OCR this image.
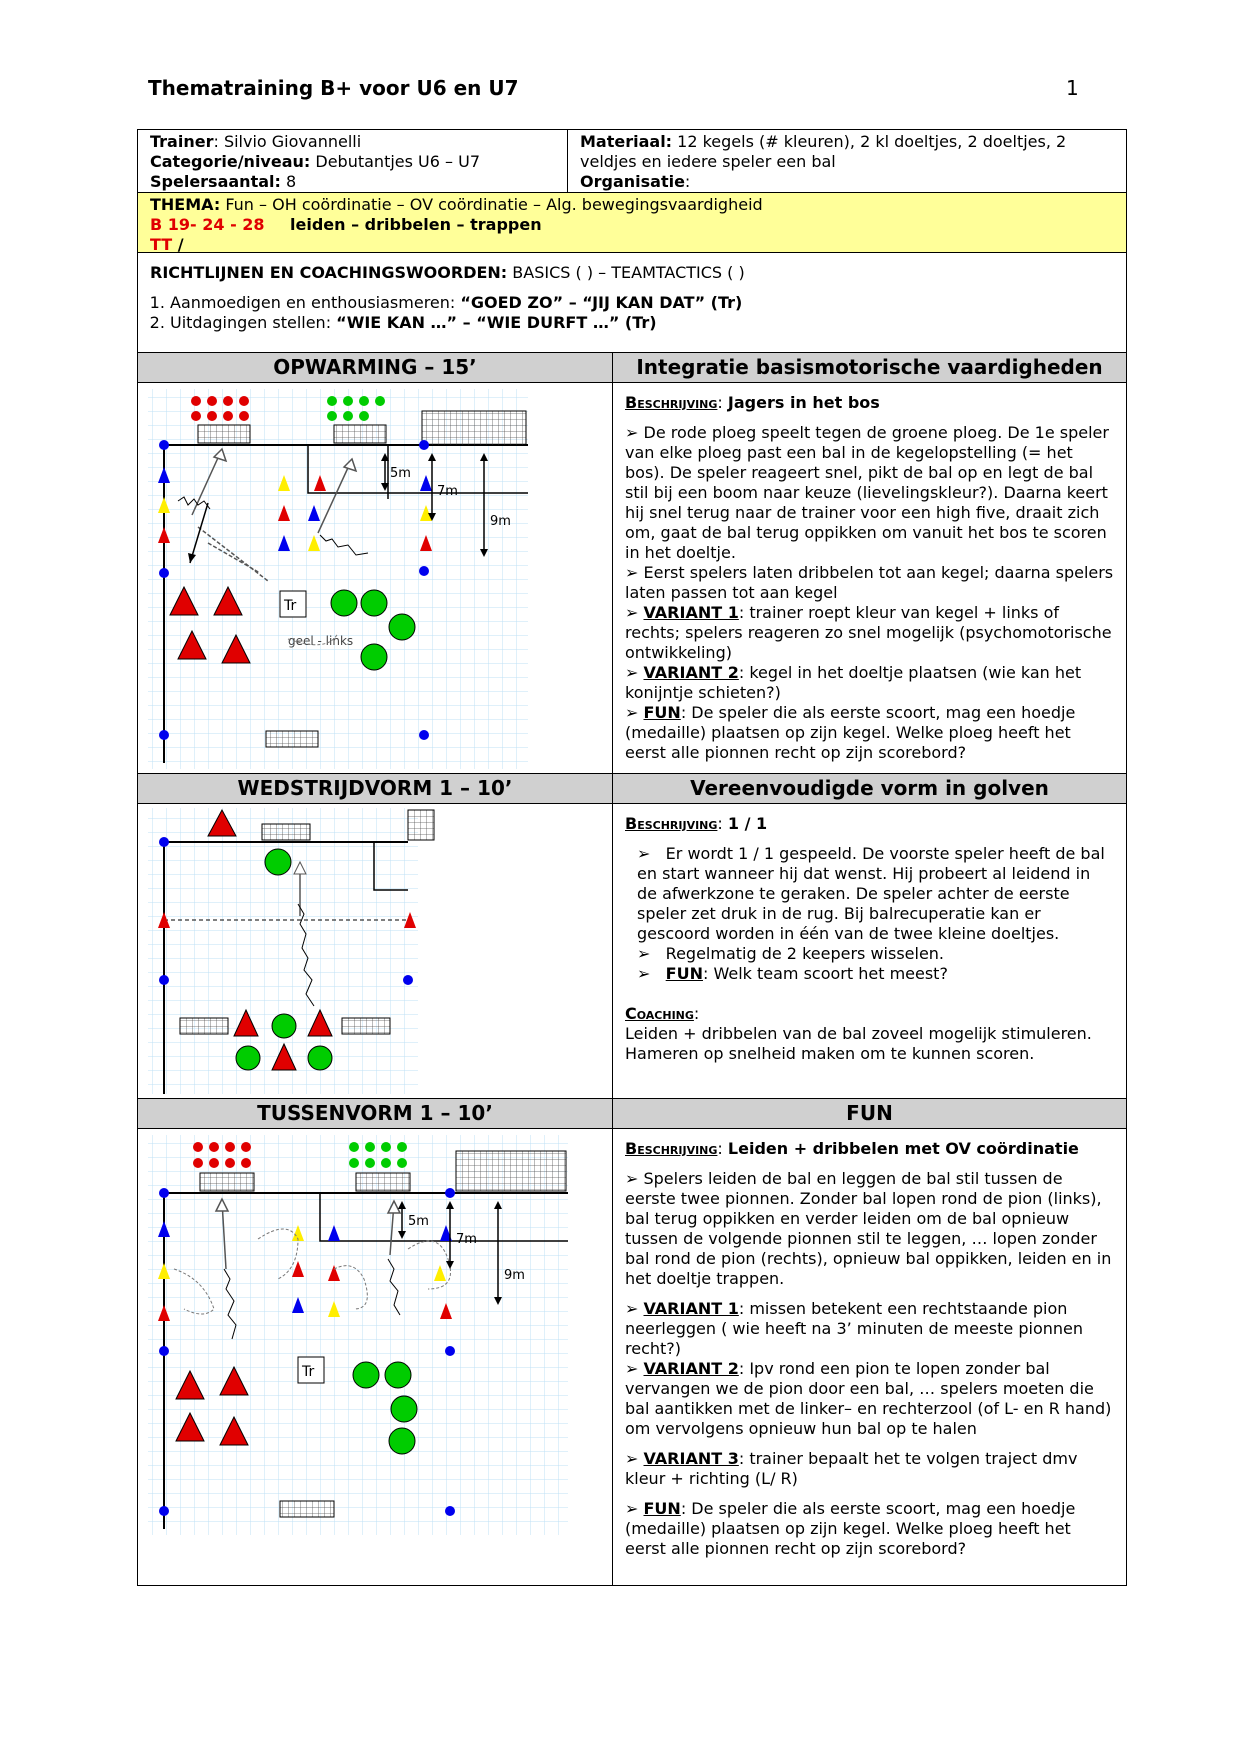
Thematraining B+ voor U6 en U7	1
Trainer: Silvio Giovannelli
Categorie/niveau: Debutantjes U6 – U7
Spelersaantal: 8
Materiaal: 12 kegels (# kleuren), 2 kl doeltjes, 2 doeltjes, 2 veldjes en iedere speler een bal
Organisatie:
THEMA: Fun – OH coördinatie – OV coördinatie – Alg. bewegingsvaardigheid
B 19- 24 - 28 leiden – dribbelen – trappen
TT /
RICHTLIJNEN EN COACHINGSWOORDEN: BASICS ( ) – TEAMTACTICS ( )
1. Aanmoedigen en enthousiasmeren: “GOED ZO” – “JIJ KAN DAT” (Tr)
2. Uitdagingen stellen: “WIE KAN …” – “WIE DURFT …” (Tr)
OPWARMING – 15’	Integratie basismotorische vaardigheden
Tr
geel - links
5m
7m
9m

Beschrijving: Jagers in het bos

➢ De rode ploeg speelt tegen de groene ploeg. De 1e speler van elke ploeg past een bal in de kegelopstelling (= het bos). De speler reageert snel, pikt de bal op en legt de bal stil bij een boom naar keuze (lievelingskleur?). Daarna keert hij snel terug naar de trainer voor een high five, draait zich om, gaat de bal terug oppikken om vanuit het bos te scoren in het doeltje.

➢ Eerst spelers laten dribbelen tot aan kegel; daarna spelers laten passen tot aan kegel

➢ VARIANT 1: trainer roept kleur van kegel + links of rechts; spelers reageren zo snel mogelijk (psychomotorische ontwikkeling)

➢ VARIANT 2: kegel in het doeltje plaatsen (wie kan het konijntje schieten?)

➢ FUN: De speler die als eerste scoort, mag een hoedje (medaille) plaatsen op zijn kegel. Welke ploeg heeft het eerst alle pionnen recht op zijn scorebord?

WEDSTRIJDVORM 1 – 10’	Vereenvoudigde vorm in golven

Beschrijving: 1 / 1

➢   Er wordt 1 / 1 gespeeld. De voorste speler heeft de bal en start wanneer hij dat wenst. Hij probeert al leidend in de afwerkzone te geraken. De speler achter de eerste speler zet druk in de rug. Bij balrecuperatie kan er gescoord worden in één van de twee kleine doeltjes.

➢   Regelmatig de 2 keepers wisselen.

➢   FUN: Welk team scoort het meest?

Coaching:

Leiden + dribbelen van de bal zoveel mogelijk stimuleren. Hameren op snelheid maken om te kunnen scoren.

TUSSENVORM 1 – 10’	FUN
Tr
5m
7m
9m

Beschrijving: Leiden + dribbelen met OV coördinatie

➢ Spelers leiden de bal en leggen de bal stil tussen de eerste twee pionnen. Zonder bal lopen rond de pion (links), bal terug oppikken en verder leiden om de bal opnieuw tussen de volgende pionnen stil te leggen, … lopen zonder bal rond de pion (rechts), opnieuw bal oppikken, leiden en in het doeltje trappen.

➢ VARIANT 1: missen betekent een rechtstaande pion neerleggen ( wie heeft na 3’ minuten de meeste pionnen recht?)

➢ VARIANT 2: Ipv rond een pion te lopen zonder bal vervangen we de pion door een bal, … spelers moeten die bal aantikken met de linker– en rechterzool (of L- en R hand) om vervolgens opnieuw hun bal op te halen

➢ VARIANT 3: trainer bepaalt het te volgen traject dmv kleur + richting (L/ R)

➢ FUN: De speler die als eerste scoort, mag een hoedje (medaille) plaatsen op zijn kegel. Welke ploeg heeft het eerst alle pionnen recht op zijn scorebord?
